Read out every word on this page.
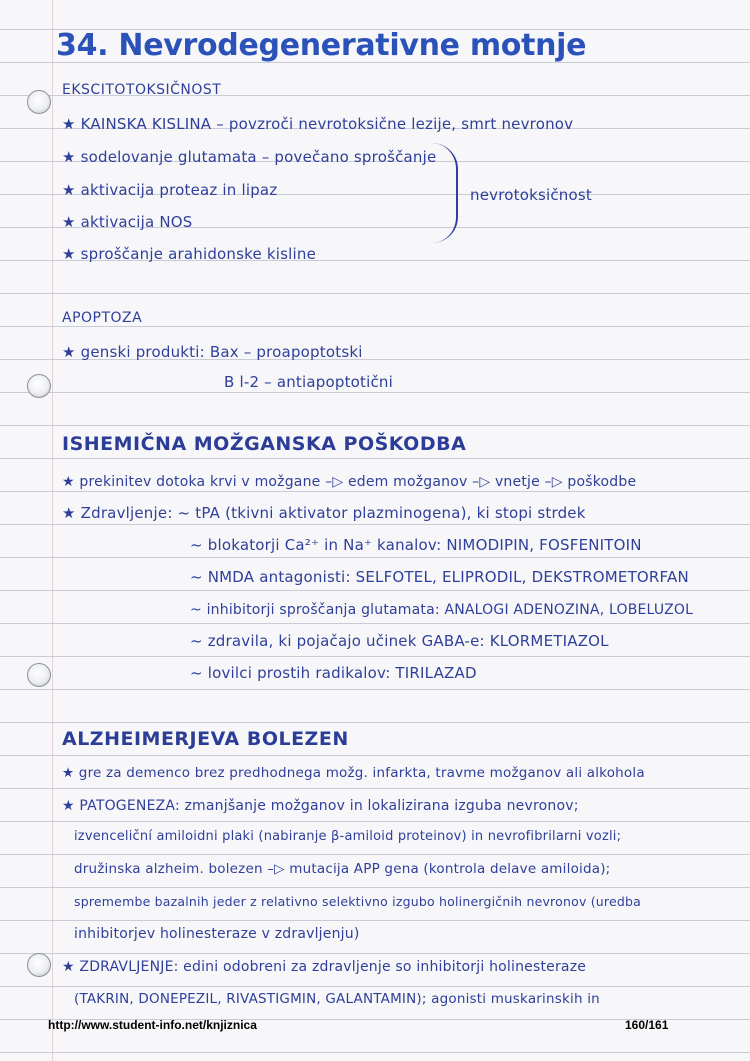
34. Nevrodegenerativne motnje
EKSCITOTOKSIČNOST
★ KAINSKA KISLINA – povzroči nevrotoksične lezije, smrt nevronov
★ sodelovanje glutamata – povečano sproščanje
★ aktivacija proteaz in lipaz
★ aktivacija NOS
★ sproščanje arahidonske kisline
nevrotoksičnost
APOPTOZA
★ genski produkti: Bax – proapoptotski
B l-2 – antiapoptotični
ISHEMIČNA MOŽGANSKA POŠKODBA
★ prekinitev dotoka krvi v možgane –▷ edem možganov –▷ vnetje –▷ poškodbe
★ Zdravljenje: ~ tPA (tkivni aktivator plazminogena), ki stopi strdek
~ blokatorji Ca²⁺ in Na⁺ kanalov: NIMODIPIN, FOSFENITOIN
~ NMDA antagonisti: SELFOTEL, ELIPRODIL, DEKSTROMETORFAN
~ inhibitorji sproščanja glutamata: ANALOGI ADENOZINA, LOBELUZOL
~ zdravila, ki pojačajo učinek GABA-e: KLORMETIAZOL
~ lovilci prostih radikalov: TIRILAZAD
ALZHEIMERJEVA BOLEZEN
★ gre za demenco brez predhodnega možg. infarkta, travme možganov ali alkohola
★ PATOGENEZA: zmanjšanje možganov in lokalizirana izguba nevronov;
izvenceliční amiloidni plaki (nabiranje β-amiloid proteinov) in nevrofibrilarni vozli;
družinska alzheim. bolezen –▷ mutacija APP gena (kontrola delave amiloida);
spremembe bazalnih jeder z relativno selektivno izgubo holinergičnih nevronov (uredba
inhibitorjev holinesteraze v zdravljenju)
★ ZDRAVLJENJE: edini odobreni za zdravljenje so inhibitorji holinesteraze
(TAKRIN, DONEPEZIL, RIVASTIGMIN, GALANTAMIN); agonisti muskarinskih in
http://www.student-info.net/knjiznica	160/161
